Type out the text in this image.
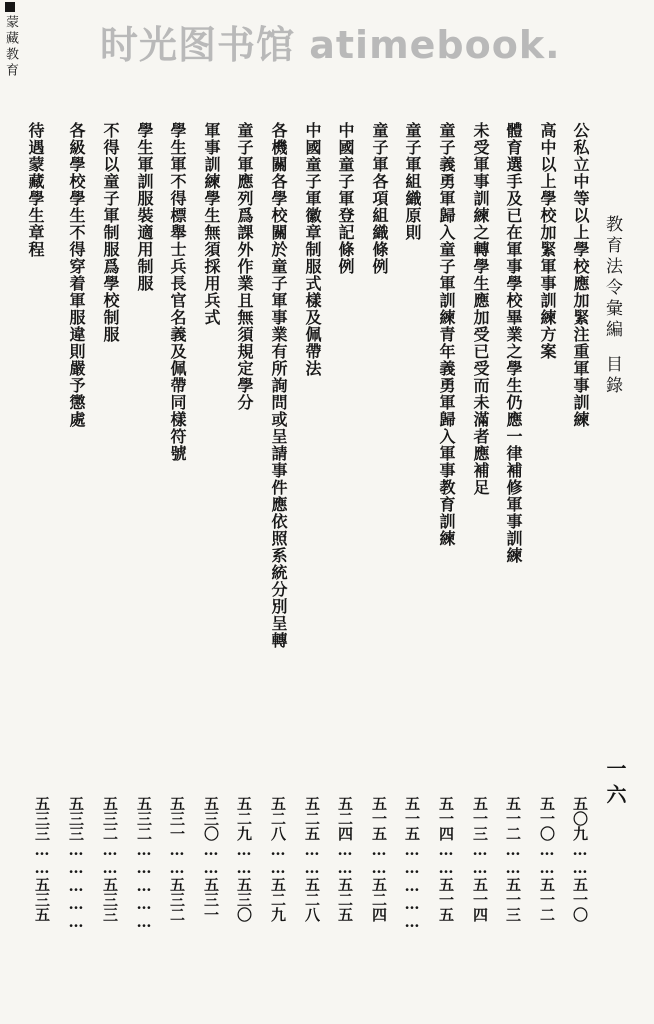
时光图书馆 atimebook.
蒙藏教育
教育法令彙編目錄
一六
公私立中等以上學校應加緊注重軍事訓練
高中以上學校加緊軍事訓練方案
體育選手及已在軍事學校畢業之學生仍應一律補修軍事訓練
未受軍事訓練之轉學生應加受已受而未滿者應補足
童子義勇軍歸入童子軍訓練青年義勇軍歸入軍事教育訓練
童子軍組織原則
童子軍各項組織條例
中國童子軍登記條例
中國童子軍徽章制服式樣及佩帶法
各機關各學校關於童子軍事業有所詢問或呈請事件應依照系統分別呈轉
童子軍應列爲課外作業且無須規定學分
軍事訓練學生無須採用兵式
學生軍不得標舉士兵長官名義及佩帶同樣符號
學生軍訓服裝適用制服
不得以童子軍制服爲學校制服
各級學校學生不得穿着軍服違則嚴予懲處
待遇蒙藏學生章程
五〇九……五一〇
五一〇……五一二
五一二……五一三
五一三……五一四
五一四……五一五
五一五……………
五一五……五二四
五二四……五二五
五二五……五二八
五二八……五二九
五二九……五三〇
五三〇……五三一
五三一……五三二
五三二……………
五三二……五三三
五三三……………
五三三……五三五
